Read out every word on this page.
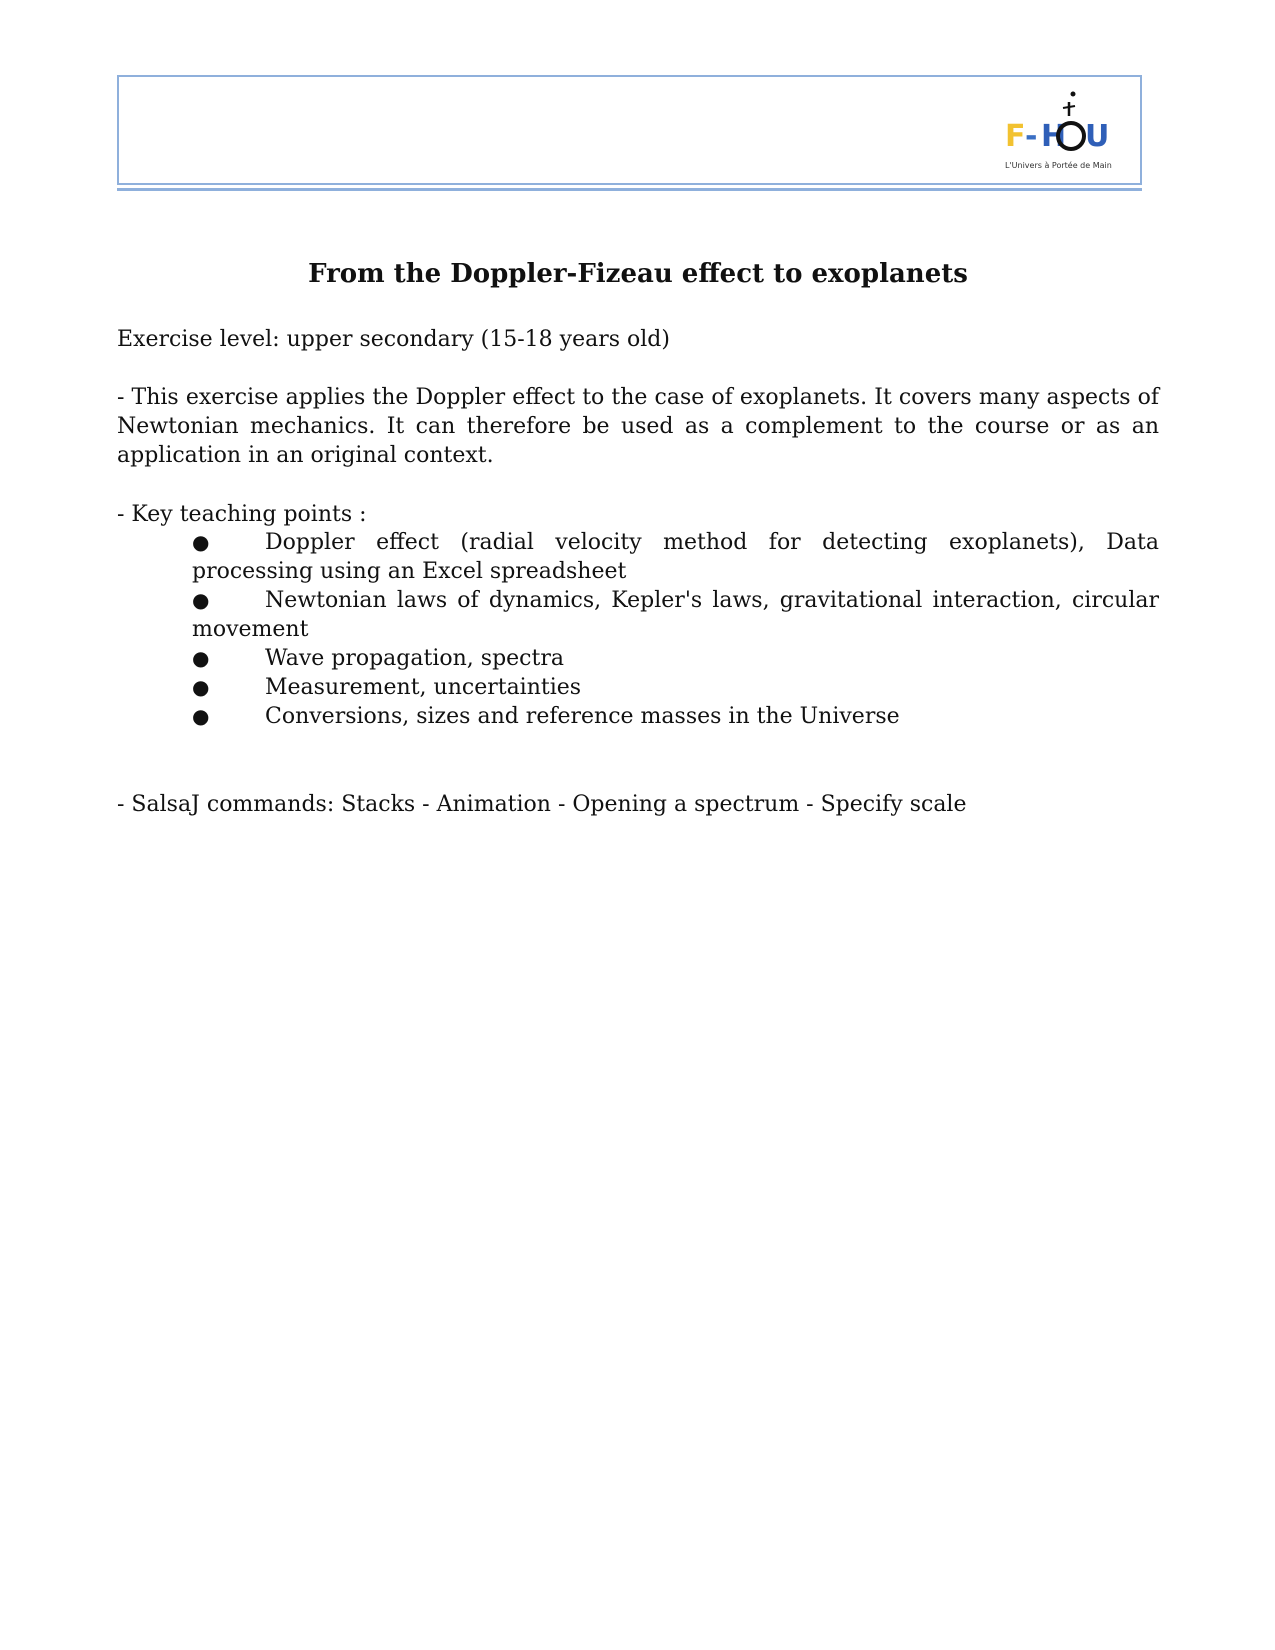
F - H U
L'Univers à Portée de Main
From the Doppler-Fizeau effect to exoplanets

Exercise level: upper secondary (15-18 years old)

- This exercise applies the Doppler effect to the case of exoplanets. It covers many aspects of Newtonian mechanics. It can therefore be used as a complement to the course or as an application in an original context.

- Key teaching points :

●	Doppler effect (radial velocity method for detecting exoplanets), Data processing using an Excel spreadsheet
●	Newtonian laws of dynamics, Kepler's laws, gravitational interaction, circular movement
●	Wave propagation, spectra
●	Measurement, uncertainties
●	Conversions, sizes and reference masses in the Universe

- SalsaJ commands: Stacks - Animation - Opening a spectrum - Specify scale
